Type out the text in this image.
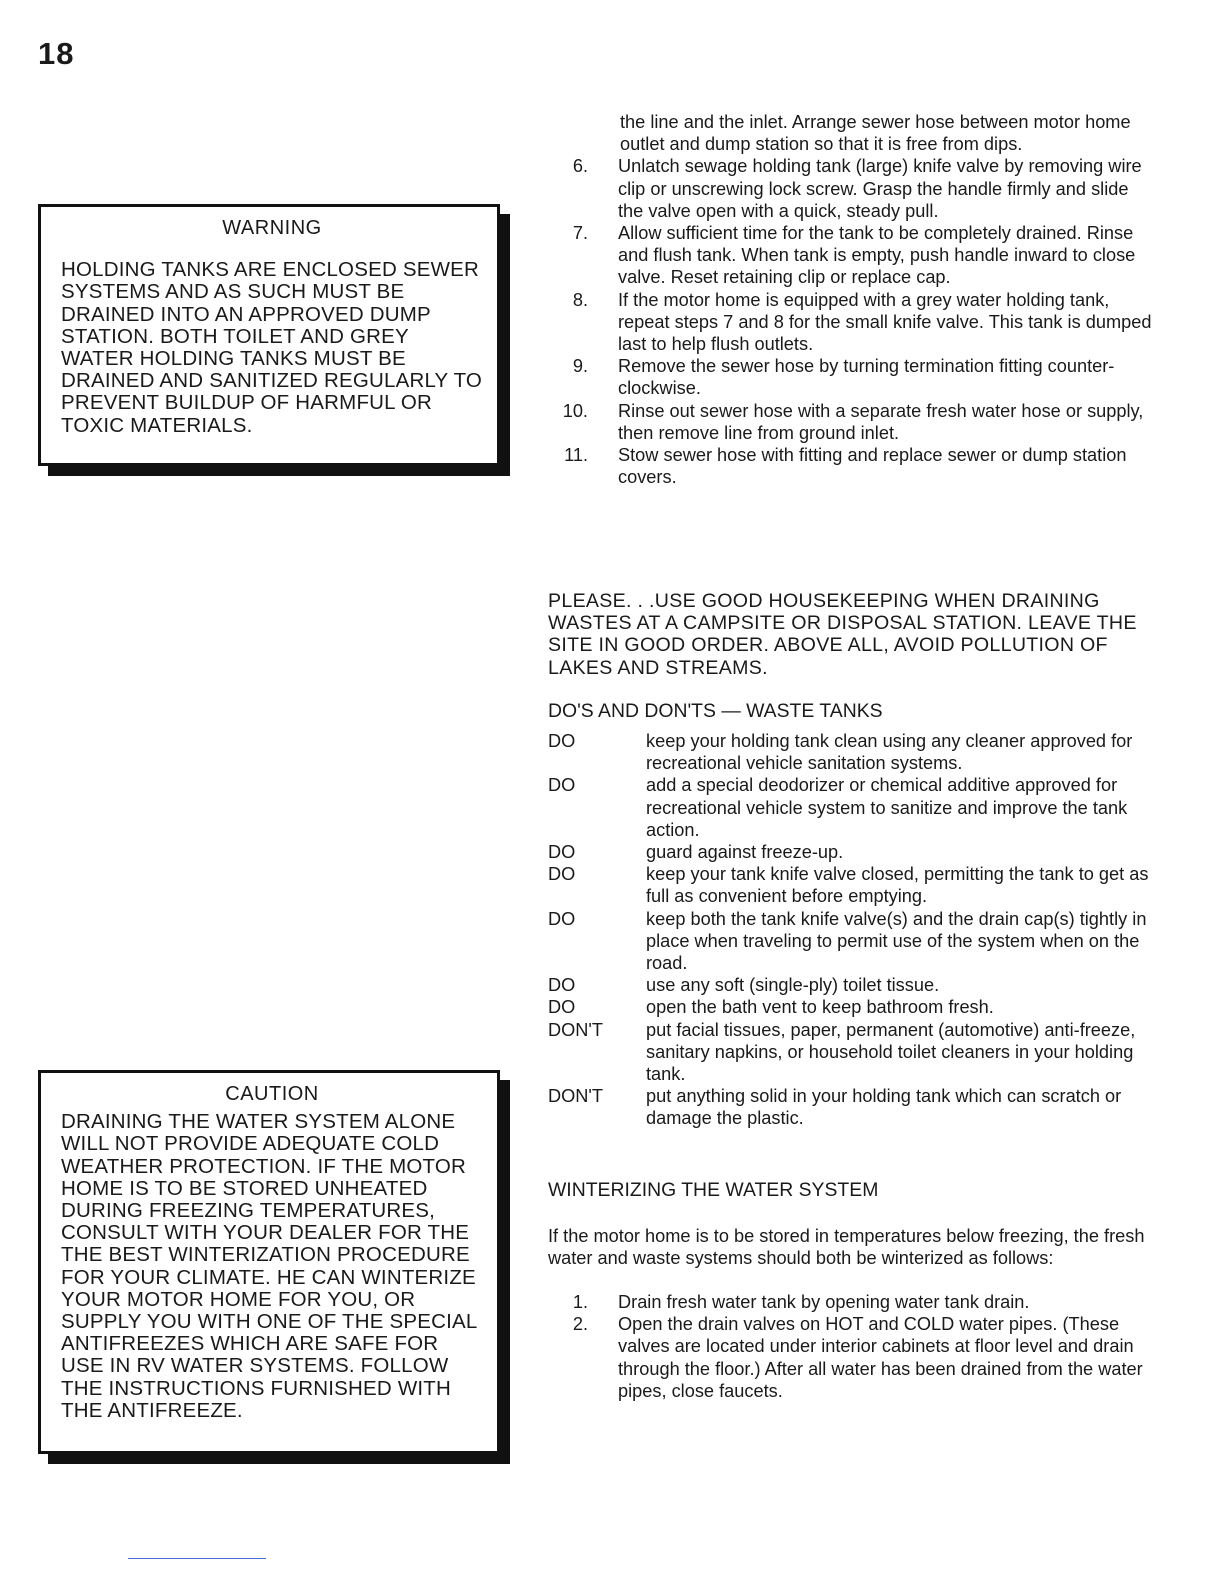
18
WARNING

HOLDING TANKS ARE ENCLOSED SEWER SYSTEMS AND AS SUCH MUST BE DRAINED INTO AN APPROVED DUMP STATION. BOTH TOILET AND GREY WATER HOLDING TANKS MUST BE DRAINED AND SANITIZED REGULARLY TO PREVENT BUILDUP OF HARMFUL OR TOXIC MATERIALS.

CAUTION

DRAINING THE WATER SYSTEM ALONE WILL NOT PROVIDE ADEQUATE COLD WEATHER PROTECTION. IF THE MOTOR HOME IS TO BE STORED UNHEATED DURING FREEZING TEMPERATURES, CONSULT WITH YOUR DEALER FOR THE THE BEST WINTERIZATION PROCEDURE FOR YOUR CLIMATE. HE CAN WINTERIZE YOUR MOTOR HOME FOR YOU, OR SUPPLY YOU WITH ONE OF THE SPECIAL ANTIFREEZES WHICH ARE SAFE FOR USE IN RV WATER SYSTEMS. FOLLOW THE INSTRUCTIONS FURNISHED WITH THE ANTIFREEZE.

the line and the inlet. Arrange sewer hose between motor home outlet and dump station so that it is free from dips.

6.	Unlatch sewage holding tank (large) knife valve by removing wire clip or unscrewing lock screw. Grasp the handle firmly and slide the valve open with a quick, steady pull.
7.	Allow sufficient time for the tank to be completely drained. Rinse and flush tank. When tank is empty, push handle inward to close valve. Reset retaining clip or replace cap.
8.	If the motor home is equipped with a grey water holding tank, repeat steps 7 and 8 for the small knife valve. This tank is dumped last to help flush outlets.
9.	Remove the sewer hose by turning termination fitting counter-clockwise.
10.	Rinse out sewer hose with a separate fresh water hose or supply, then remove line from ground inlet.
11.	Stow sewer hose with fitting and replace sewer or dump station covers.
PLEASE. . .USE GOOD HOUSEKEEPING WHEN DRAINING WASTES AT A CAMPSITE OR DISPOSAL STATION. LEAVE THE SITE IN GOOD ORDER. ABOVE ALL, AVOID POLLUTION OF LAKES AND STREAMS.
DO'S AND DON'TS — WASTE TANKS
DO	keep your holding tank clean using any cleaner approved for recreational vehicle sanitation systems.
DO	add a special deodorizer or chemical additive approved for recreational vehicle system to sanitize and improve the tank action.
DO	guard against freeze-up.
DO	keep your tank knife valve closed, permitting the tank to get as full as convenient before emptying.
DO	keep both the tank knife valve(s) and the drain cap(s) tightly in place when traveling to permit use of the system when on the road.
DO	use any soft (single-ply) toilet tissue.
DO	open the bath vent to keep bathroom fresh.
DON'T	put facial tissues, paper, permanent (automotive) anti-freeze, sanitary napkins, or household toilet cleaners in your holding tank.
DON'T	put anything solid in your holding tank which can scratch or damage the plastic.
WINTERIZING THE WATER SYSTEM
If the motor home is to be stored in temperatures below freezing, the fresh water and waste systems should both be winterized as follows:
1.	Drain fresh water tank by opening water tank drain.
2.	Open the drain valves on HOT and COLD water pipes. (These valves are located under interior cabinets at floor level and drain through the floor.) After all water has been drained from the water pipes, close faucets.
